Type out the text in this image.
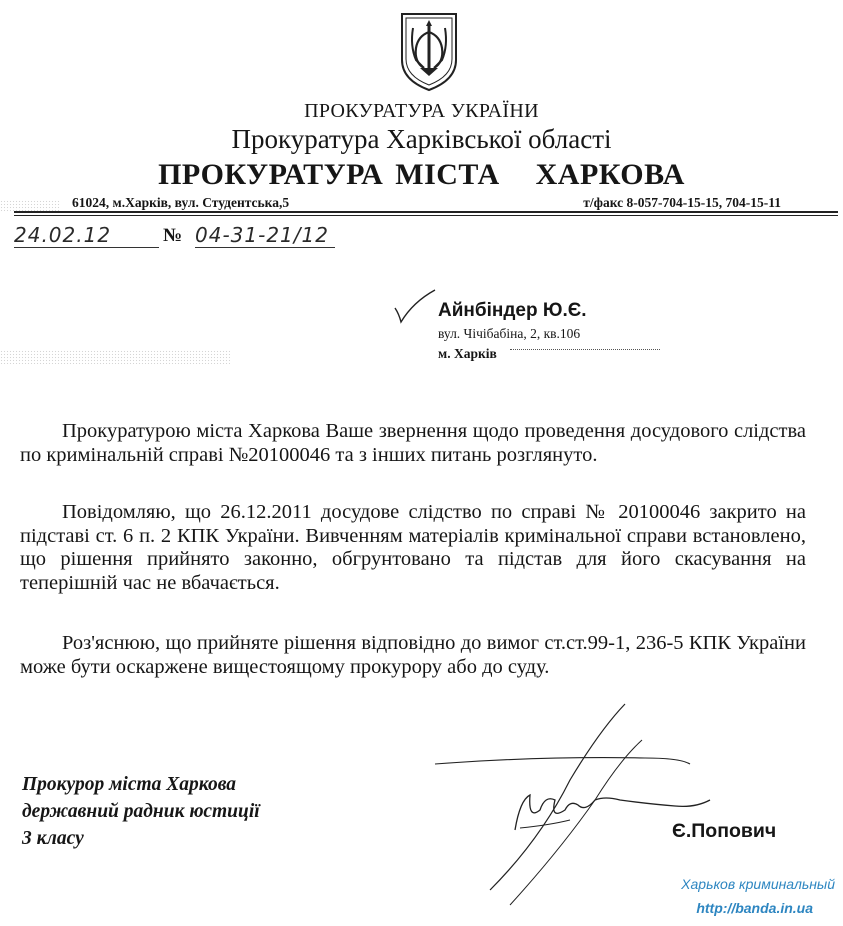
ПРОКУРАТУРА УКРАЇНИ
Прокуратура Харківської області
ПРОКУРАТУРА МІСТА   ХАРКОВА
61024, м.Харків, вул. Студентська,5	т/факс 8-057-704-15-15, 704-15-11
24.02.12	№ 04-31-21/12
Айнбіндер Ю.Є.
вул. Чічібабіна, 2, кв.106
м. Харків

Прокуратурою міста Харкова Ваше звернення щодо проведення досудового слідства по кримінальній справі №20100046 та з інших питань розглянуто.

Повідомляю, що 26.12.2011 досудове слідство по справі № 20100046 закрито на підставі ст. 6 п. 2 КПК України. Вивченням матеріалів кримінальної справи встановлено, що рішення прийнято законно, обгрунтовано та підстав для його скасування на теперішній час не вбачається.

Роз'яснюю, що прийняте рішення відповідно до вимог ст.ст.99-1, 236-5 КПК України може бути оскаржене вищестоящому прокурору або до суду.

Прокурор міста Харкова
державний радник юстиції
3 класу	Є.Попович
Харьков криминальный
http://banda.in.ua
